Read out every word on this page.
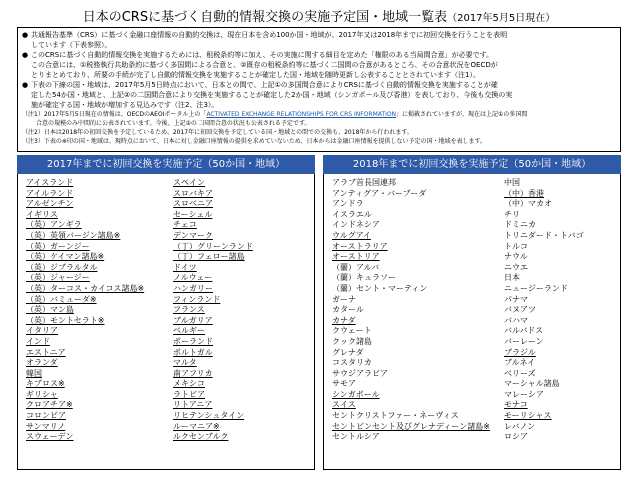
日本のCRSに基づく自動的情報交換の実施予定国・地域一覧表（2017年5月5日現在）
● 共通報告基準（CRS）に基づく金融口座情報の自動的交換は、現在日本を含め100か国・地域が、2017年又は2018年までに初回交換を行うことを表明

しています（下表参照）。

● このCRSに基づく自動的情報交換を実施するためには、租税条約等に加え、その実施に関する細目を定めた「権限のある当局間合意」が必要です。

この合意には、①税務執行共助条約に基づく多国間による合意と、②既存の租税条約等に基づく二国間の合意があるところ、その合意状況をOECDが

とりまとめており、所要の手続が完了し自動的情報交換を実施することが確定した国・地域を随時更新し公表することとされています（注1）。

● 下表の下線の国・地域は、2017年5月5日時点において、日本との間で、上記①の多国間合意によりCRSに基づく自動的情報交換を実施することが確

定した54か国・地域と、上記②の二国間合意により交換を実施することが確定した2か国・地域（シンガポール及び香港）を表しており、今後も交換の実

施が確定する国・地域が増加する見込みです（注2、注3）。

（注1）2017年5月5日現在の情報は、OECDのAEOIポータル上の「ACTIVATED EXCHANGE RELATIONSHIPS FOR CRS INFORMATION」に掲載されていますが、現在は上記①の多国間

合意の規模のみ中間的に公表されています。今後、上記②の二国間合意の状況も公表される予定です。

（注2）日本は2018年の初回交換を予定しているため、2017年に初回交換を予定している国・地域との間での交換も、2018年から行われます。

（注3）下表の※印の国・地域は、現時点において、日本に対し金融口座情報の提供を求めていないため、日本からは金融口座情報を提供しない予定の国・地域を表します。

2017年までに初回交換を実施予定（50か国・地域）
アイスランド
アイルランド
アルゼンチン
イギリス
（英）アンギラ
（英）英領バージン諸島※
（英）ガーンジー
（英）ケイマン諸島※
（英）ジブラルタル
（英）ジャージー
（英）ターコス・カイコス諸島※
（英）バミューダ※
（英）マン島
（英）モントセラト※
イタリア
インド
エストニア
オランダ
韓国
キプロス※
ギリシャ
クロアチア※
コロンビア
サンマリノ
スウェーデン
スペイン
スロバキア
スロベニア
セーシェル
チェコ
デンマーク
（丁）グリーンランド
（丁）フェロー諸島
ドイツ
ノルウェー
ハンガリー
フィンランド
フランス
ブルガリア
ベルギー
ポーランド
ポルトガル
マルタ
南アフリカ
メキシコ
ラトビア
リトアニア
リヒテンシュタイン
ルーマニア※
ルクセンブルク
2018年までに初回交換を実施予定（50か国・地域）
アラブ首長国連邦
アンティグア・バーブーダ
アンドラ
イスラエル
インドネシア
ウルグアイ
オーストラリア
オーストリア
（蘭）アルバ
（蘭）キュラソー
（蘭）セント・マーティン
ガーナ
カタール
カナダ
クウェート
クック諸島
グレナダ
コスタリカ
サウジアラビア
サモア
シンガポール
スイス
セントクリストファー・ネーヴィス
セントビンセント及びグレナディーン諸島※
セントルシア
中国
（中）香港
（中）マカオ
チリ
ドミニカ
トリニダード・トバゴ
トルコ
ナウル
ニウエ
日本
ニュージーランド
パナマ
バヌアツ
バハマ
バルバドス
バーレーン
ブラジル
ブルネイ
ベリーズ
マーシャル諸島
マレーシア
モナコ
モーリシャス
レバノン
ロシア
